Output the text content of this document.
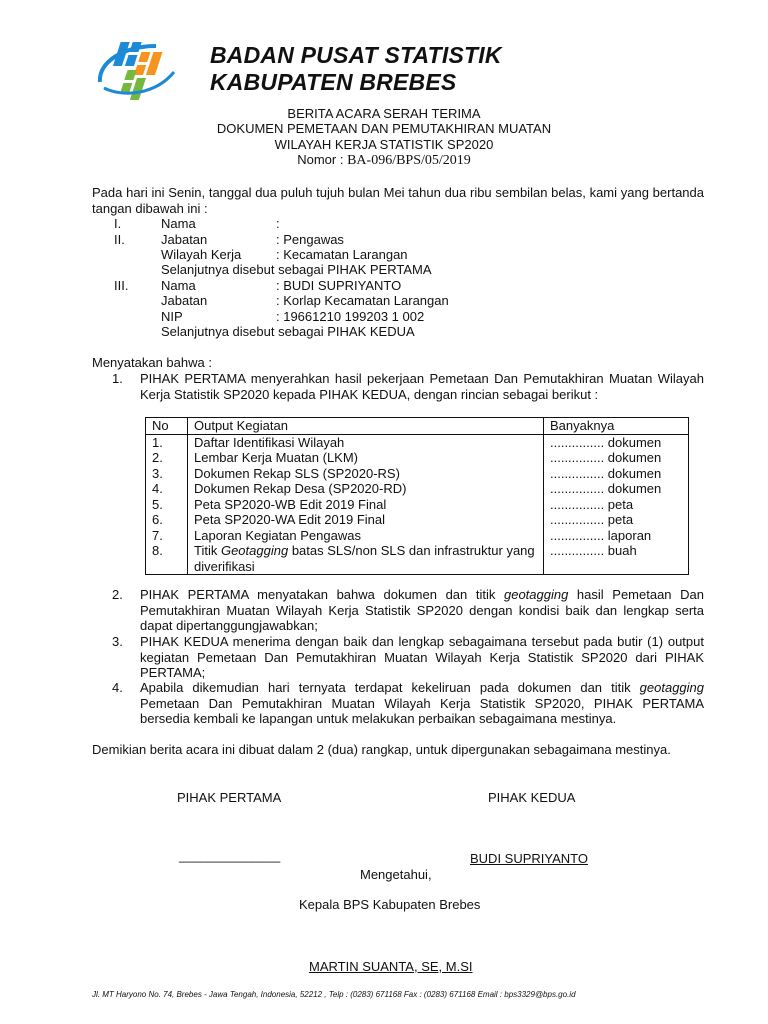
BADAN PUSAT STATISTIK
KABUPATEN BREBES
BERITA ACARA SERAH TERIMA
DOKUMEN PEMETAAN DAN PEMUTAKHIRAN MUATAN
WILAYAH KERJA STATISTIK SP2020
Nomor : BA-096/BPS/05/2019
Pada hari ini Senin, tanggal dua puluh tujuh bulan Mei tahun dua ribu sembilan belas, kami yang bertanda tangan dibawah ini :
I.	Nama	:
II.	Jabatan	: Pengawas
Wilayah Kerja	: Kecamatan Larangan
Selanjutnya disebut sebagai PIHAK PERTAMA
III.	Nama	: BUDI SUPRIYANTO
Jabatan	: Korlap Kecamatan Larangan
NIP	: 19661210 199203 1 002
Selanjutnya disebut sebagai PIHAK KEDUA
Menyatakan bahwa :
1. PIHAK PERTAMA menyerahkan hasil pekerjaan Pemetaan Dan Pemutakhiran Muatan Wilayah Kerja Statistik SP2020 kepada PIHAK KEDUA, dengan rincian sebagai berikut :
No	Output Kegiatan	Banyaknya
1.	Daftar Identifikasi Wilayah	............... dokumen
2.	Lembar Kerja Muatan (LKM)	............... dokumen
3.	Dokumen Rekap SLS (SP2020-RS)	............... dokumen
4.	Dokumen Rekap Desa (SP2020-RD)	............... dokumen
5.	Peta SP2020-WB Edit 2019 Final	............... peta
6.	Peta SP2020-WA Edit 2019 Final	............... peta
7.	Laporan Kegiatan Pengawas	............... laporan
8.	Titik Geotagging batas SLS/non SLS dan infrastruktur yang diverifikasi	............... buah
2. PIHAK PERTAMA menyatakan bahwa dokumen dan titik geotagging hasil Pemetaan Dan Pemutakhiran Muatan Wilayah Kerja Statistik SP2020 dengan kondisi baik dan lengkap serta dapat dipertanggungjawabkan;
3. PIHAK KEDUA menerima dengan baik dan lengkap sebagaimana tersebut pada butir (1) output kegiatan Pemetaan Dan Pemutakhiran Muatan Wilayah Kerja Statistik SP2020 dari PIHAK PERTAMA;
4. Apabila dikemudian hari ternyata terdapat kekeliruan pada dokumen dan titik geotagging Pemetaan Dan Pemutakhiran Muatan Wilayah Kerja Statistik SP2020, PIHAK PERTAMA bersedia kembali ke lapangan untuk melakukan perbaikan sebagaimana mestinya.
Demikian berita acara ini dibuat dalam 2 (dua) rangkap, untuk dipergunakan sebagaimana mestinya.
PIHAK PERTAMA	PIHAK KEDUA
______________	BUDI SUPRIYANTO
Mengetahui,
Kepala BPS Kabupaten Brebes
MARTIN SUANTA, SE, M.SI
Jl. MT Haryono No. 74, Brebes - Jawa Tengah, Indonesia, 52212 , Telp : (0283) 671168 Fax : (0283) 671168 Email : bps3329@bps.go.id
